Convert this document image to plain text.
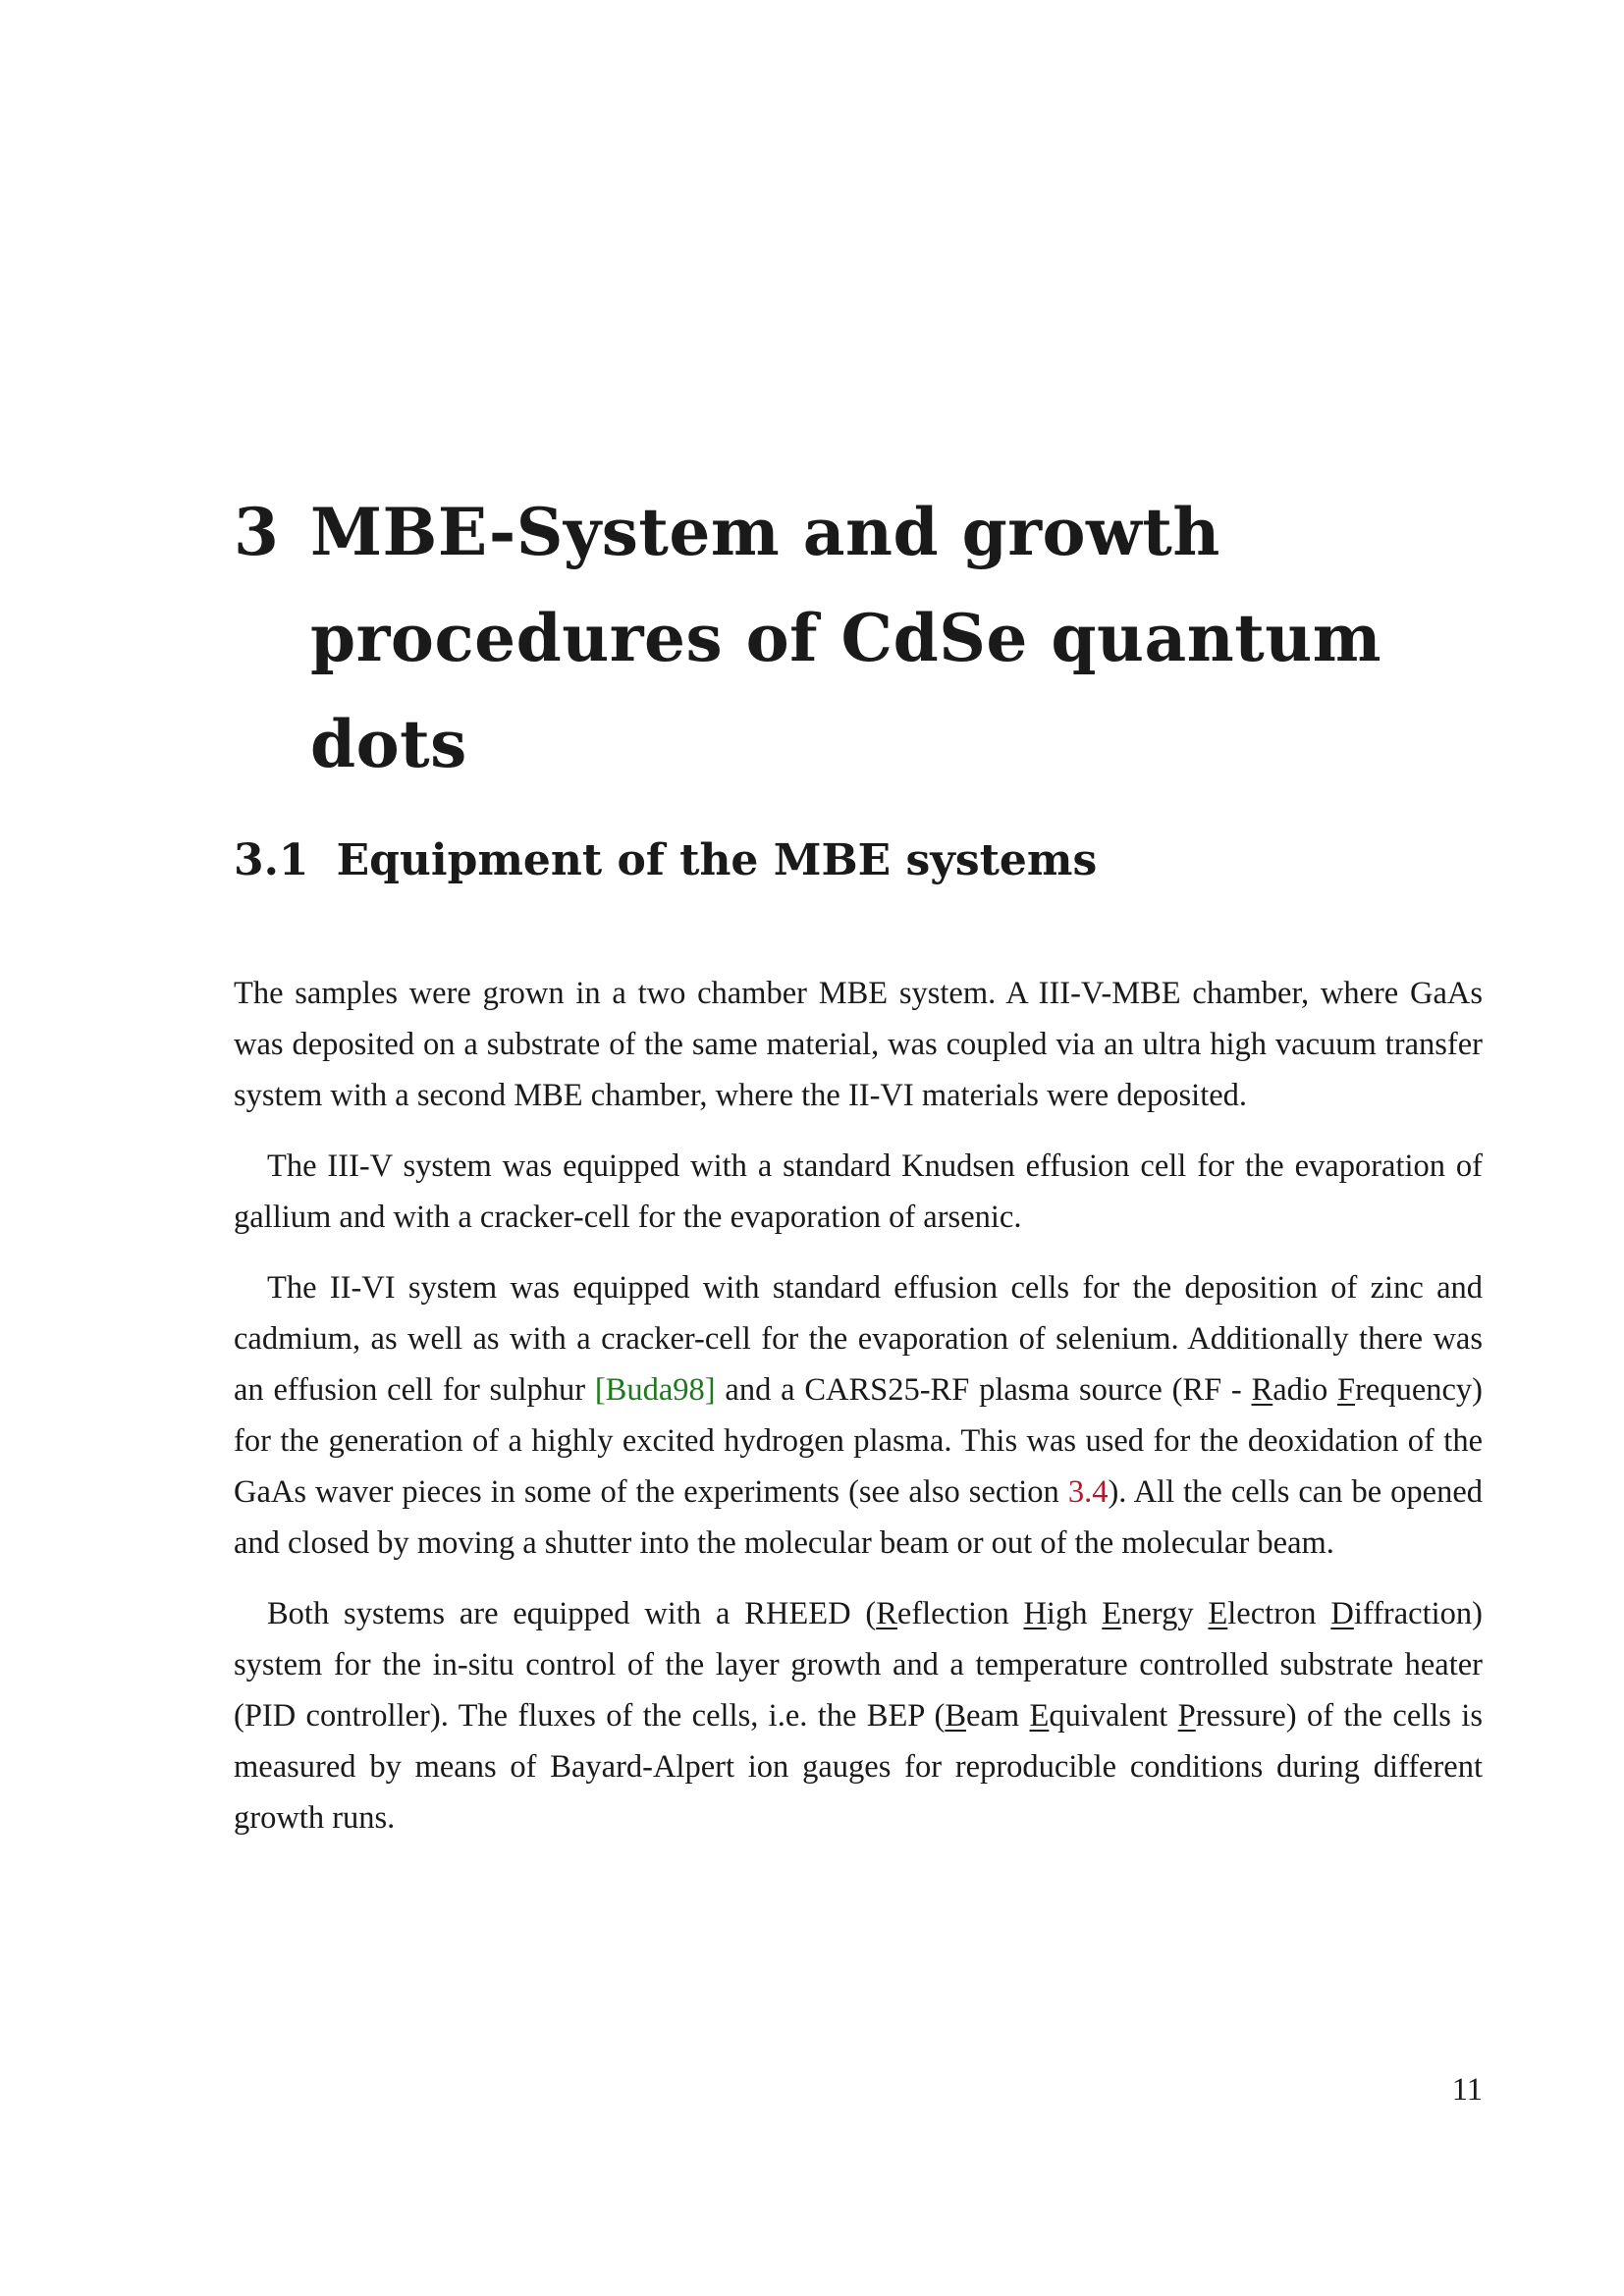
3 MBE-System and growth
procedures of CdSe quantum dots
3.1 Equipment of the MBE systems

The samples were grown in a two chamber MBE system. A III-V-MBE chamber, where GaAs was deposited on a substrate of the same material, was coupled via an ultra high vacuum transfer system with a second MBE chamber, where the II-VI materials were deposited.

The III-V system was equipped with a standard Knudsen effusion cell for the evaporation of gallium and with a cracker-cell for the evaporation of arsenic.

The II-VI system was equipped with standard effusion cells for the deposition of zinc and cadmium, as well as with a cracker-cell for the evaporation of selenium. Additionally there was an effusion cell for sulphur [Buda98] and a CARS25-RF plasma source (RF - Radio Frequency) for the generation of a highly excited hydrogen plasma. This was used for the deoxidation of the GaAs waver pieces in some of the experiments (see also section 3.4). All the cells can be opened and closed by moving a shutter into the molecular beam or out of the molecular beam.

Both systems are equipped with a RHEED (Reflection High Energy Electron Diffraction) system for the in-situ control of the layer growth and a temperature controlled substrate heater (PID controller). The fluxes of the cells, i.e. the BEP (Beam Equivalent Pressure) of the cells is measured by means of Bayard-Alpert ion gauges for reproducible conditions during different growth runs.

11
